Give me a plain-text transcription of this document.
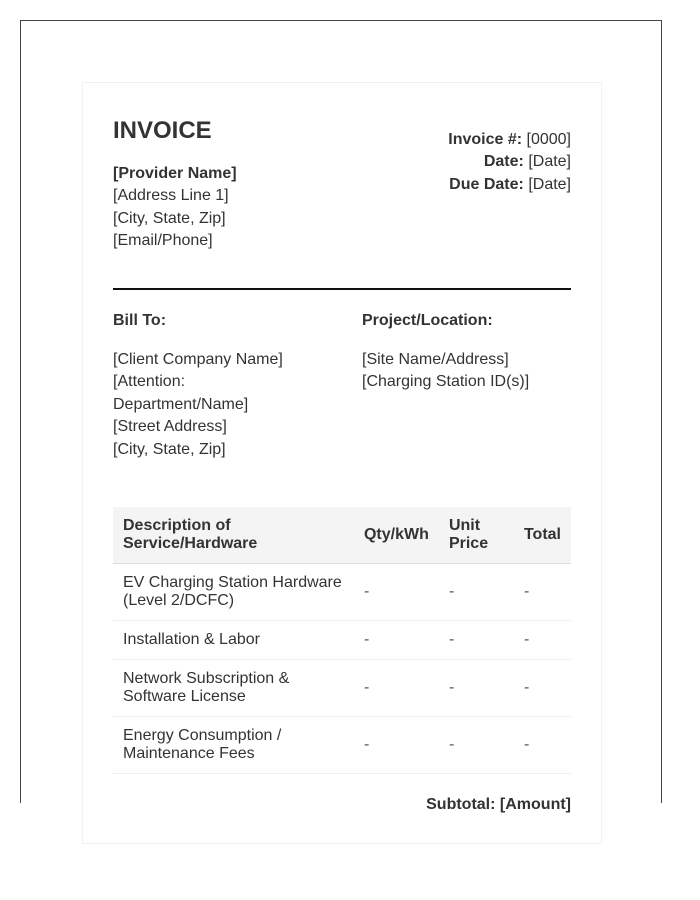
INVOICE
[Provider Name]
[Address Line 1]
[City, State, Zip]
[Email/Phone]
Invoice #: [0000]
Date: [Date]
Due Date: [Date]
Bill To:
[Client Company Name]
[Attention: Department/Name]
[Street Address]
[City, State, Zip]
Project/Location:
[Site Name/Address]
[Charging Station ID(s)]
Description of Service/Hardware	Qty/kWh	Unit Price	Total
EV Charging Station Hardware (Level 2/DCFC)	-	-	-
Installation & Labor	-	-	-
Network Subscription & Software License	-	-	-
Energy Consumption / Maintenance Fees	-	-	-
Subtotal: [Amount]
